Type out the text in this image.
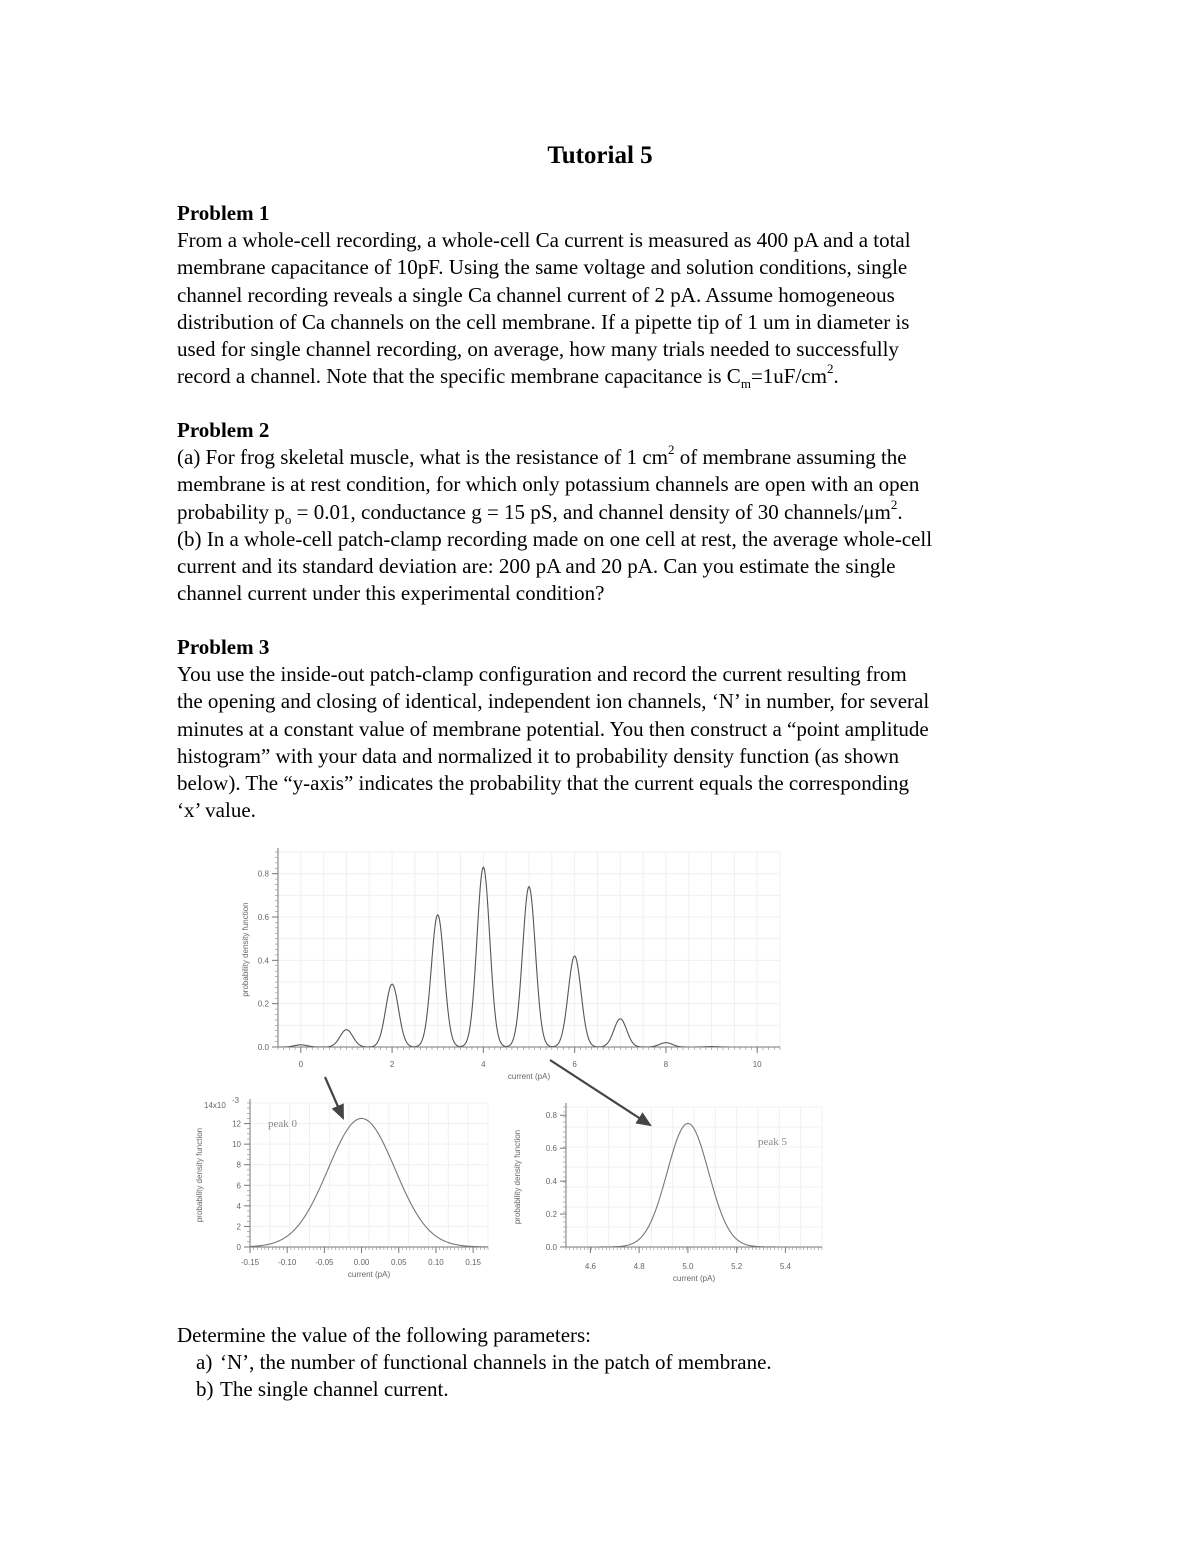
Tutorial 5
Problem 1
From a whole-cell recording, a whole-cell Ca current is measured as 400 pA and a total
membrane capacitance of 10pF. Using the same voltage and solution conditions, single
channel recording reveals a single Ca channel current of 2 pA. Assume homogeneous
distribution of Ca channels on the cell membrane. If a pipette tip of 1 um in diameter is
used for single channel recording, on average, how many trials needed to successfully
record a channel. Note that the specific membrane capacitance is $C_m=1uF/cm^2$.
Problem 2
(a) For frog skeletal muscle, what is the resistance of 1 $cm^2$ of membrane assuming the
membrane is at rest condition, for which only potassium channels are open with an open
probability $p_o = 0.01$, conductance g = 15 pS, and channel density of 30 channels/$\mu m^2$.
(b) In a whole-cell patch-clamp recording made on one cell at rest, the average whole-cell
current and its standard deviation are: 200 pA and 20 pA. Can you estimate the single
channel current under this experimental condition?
Problem 3
You use the inside-out patch-clamp configuration and record the current resulting from
the opening and closing of identical, independent ion channels, ‘N’ in number, for several
minutes at a constant value of membrane potential. You then construct a “point amplitude
histogram” with your data and normalized it to probability density function (as shown
below). The “y-axis” indicates the probability that the current equals the corresponding
‘x’ value.
0	2	4	6	8	10
0.0
0.2
0.4
0.6
0.8
current (pA)
probability density function
-0.15 -0.10 -0.05	0.00	0.05	0.10	0.15
0
2
4
6
8
10
12
current (pA)
probability density function
14x10
-3
peak 0
4.6	4.8	5.0	5.2	5.4
0.0
0.2
0.4
0.6
0.8
current (pA)
probability density function	peak 5
Determine the value of the following parameters:
a) ‘N’, the number of functional channels in the patch of membrane.
b) The single channel current.
